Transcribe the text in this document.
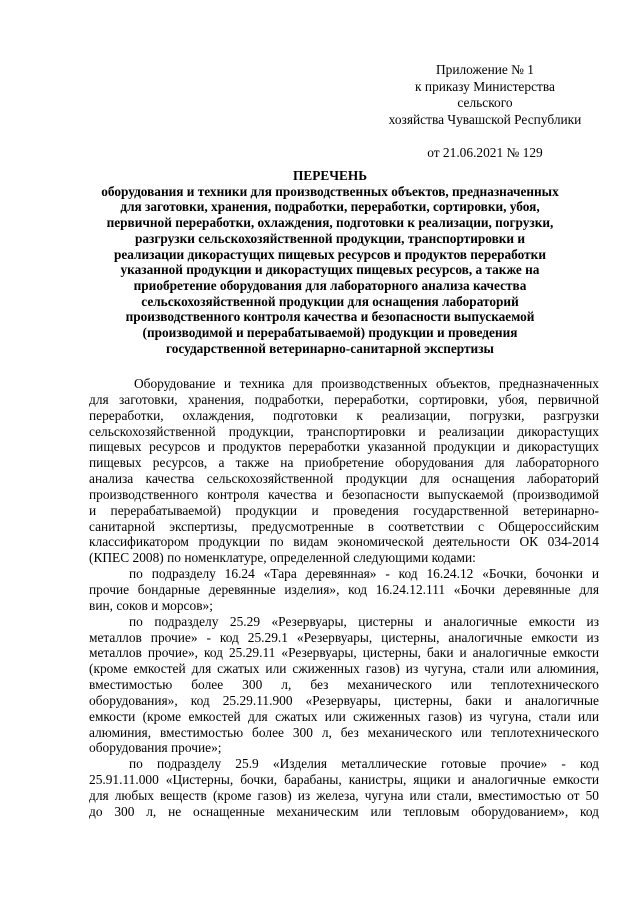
Приложение № 1
к приказу Министерства
сельского
хозяйства Чувашской Республики
от 21.06.2021 № 129
ПЕРЕЧЕНЬ
оборудования и техники для производственных объектов, предназначенных
для заготовки, хранения, подработки, переработки, сортировки, убоя,
первичной переработки, охлаждения, подготовки к реализации, погрузки,
разгрузки сельскохозяйственной продукции, транспортировки и
реализации дикорастущих пищевых ресурсов и продуктов переработки
указанной продукции и дикорастущих пищевых ресурсов, а также на
приобретение оборудования для лабораторного анализа качества
сельскохозяйственной продукции для оснащения лабораторий
производственного контроля качества и безопасности выпускаемой
(производимой и перерабатываемой) продукции и проведения
государственной ветеринарно-санитарной экспертизы
Оборудование и техника для производственных объектов, предназначенных
для заготовки, хранения, подработки, переработки, сортировки, убоя, первичной
переработки, охлаждения, подготовки к реализации, погрузки, разгрузки
сельскохозяйственной продукции, транспортировки и реализации дикорастущих
пищевых ресурсов и продуктов переработки указанной продукции и дикорастущих
пищевых ресурсов, а также на приобретение оборудования для лабораторного
анализа качества сельскохозяйственной продукции для оснащения лабораторий
производственного контроля качества и безопасности выпускаемой (производимой
и перерабатываемой) продукции и проведения государственной ветеринарно-
санитарной экспертизы, предусмотренные в соответствии с Общероссийским
классификатором продукции по видам экономической деятельности ОК 034-2014
(КПЕС 2008) по номенклатуре, определенной следующими кодами:
по подразделу 16.24 «Тара деревянная» - код 16.24.12 «Бочки, бочонки и
прочие бондарные деревянные изделия», код 16.24.12.111 «Бочки деревянные для
вин, соков и морсов»;
по подразделу 25.29 «Резервуары, цистерны и аналогичные емкости из
металлов прочие» - код 25.29.1 «Резервуары, цистерны, аналогичные емкости из
металлов прочие», код 25.29.11 «Резервуары, цистерны, баки и аналогичные емкости
(кроме емкостей для сжатых или сжиженных газов) из чугуна, стали или алюминия,
вместимостью более 300 л, без механического или теплотехнического
оборудования», код 25.29.11.900 «Резервуары, цистерны, баки и аналогичные
емкости (кроме емкостей для сжатых или сжиженных газов) из чугуна, стали или
алюминия, вместимостью более 300 л, без механического или теплотехнического
оборудования прочие»;
по подразделу 25.9 «Изделия металлические готовые прочие» - код
25.91.11.000 «Цистерны, бочки, барабаны, канистры, ящики и аналогичные емкости
для любых веществ (кроме газов) из железа, чугуна или стали, вместимостью от 50
до 300 л, не оснащенные механическим или тепловым оборудованием», код
